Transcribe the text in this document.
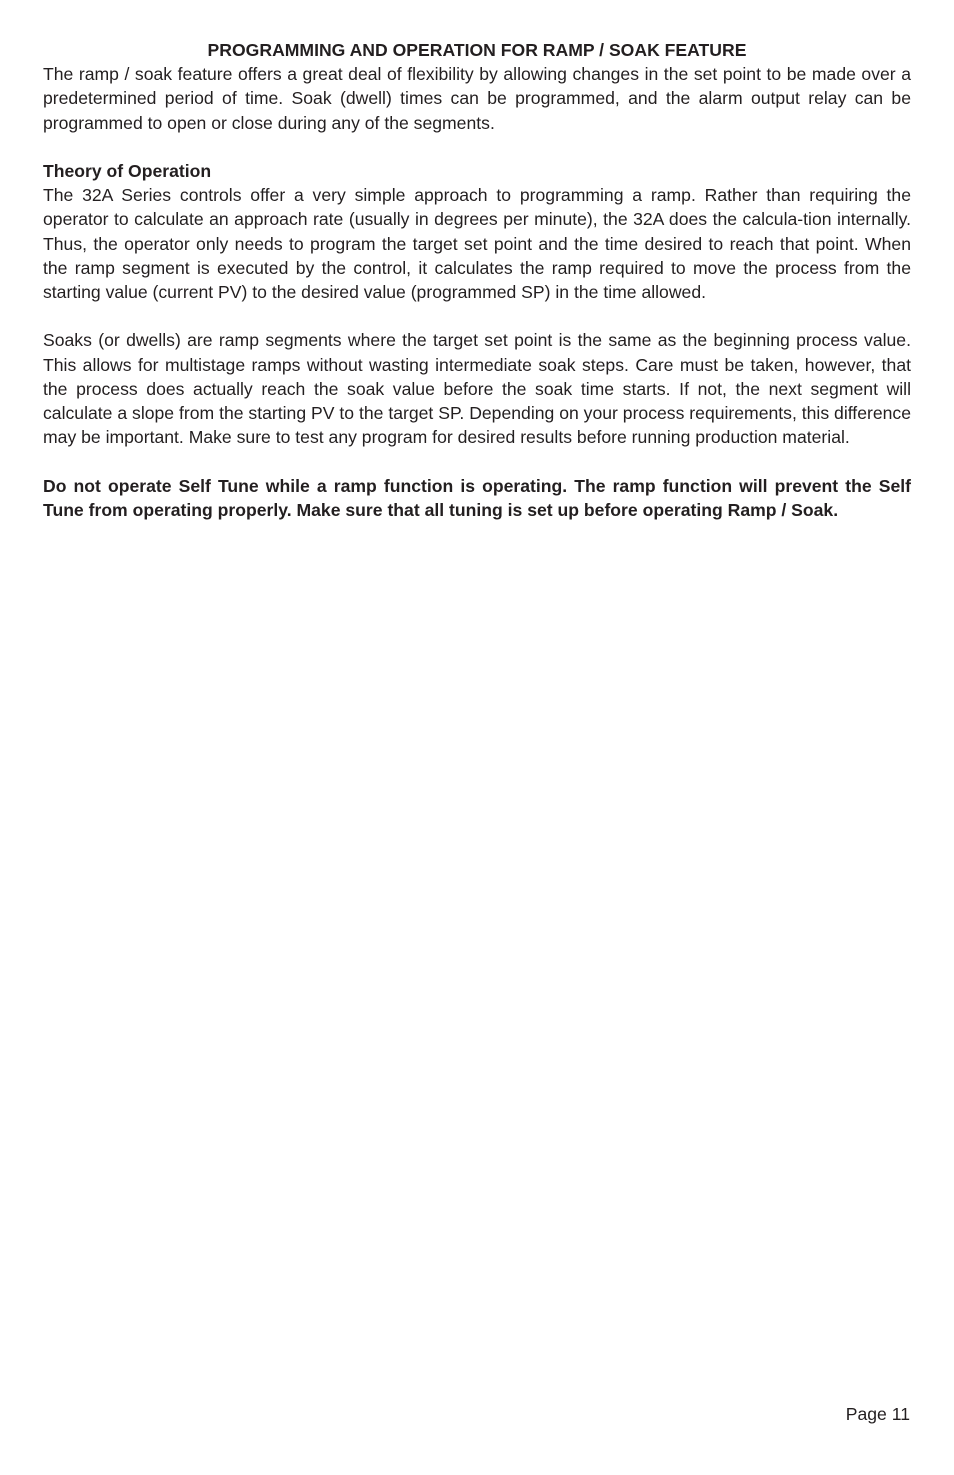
PROGRAMMING AND OPERATION FOR RAMP / SOAK FEATURE

The ramp / soak feature offers a great deal of flexibility by allowing changes in the set point to be made over a predetermined period of time. Soak (dwell) times can be programmed, and the alarm output relay can be programmed to open or close during any of the segments.

Theory of Operation

The 32A Series controls offer a very simple approach to programming a ramp. Rather than requiring the operator to calculate an approach rate (usually in degrees per minute), the 32A does the calcula-tion internally. Thus, the operator only needs to program the target set point and the time desired to reach that point. When the ramp segment is executed by the control, it calculates the ramp required to move the process from the starting value (current PV) to the desired value (programmed SP) in the time allowed.

Soaks (or dwells) are ramp segments where the target set point is the same as the beginning process value. This allows for multistage ramps without wasting intermediate soak steps. Care must be taken, however, that the process does actually reach the soak value before the soak time starts. If not, the next segment will calculate a slope from the starting PV to the target SP. Depending on your process requirements, this difference may be important. Make sure to test any program for desired results before running production material.

Do not operate Self Tune while a ramp function is operating. The ramp function will prevent the Self Tune from operating properly. Make sure that all tuning is set up before operating Ramp / Soak.

Page 11
